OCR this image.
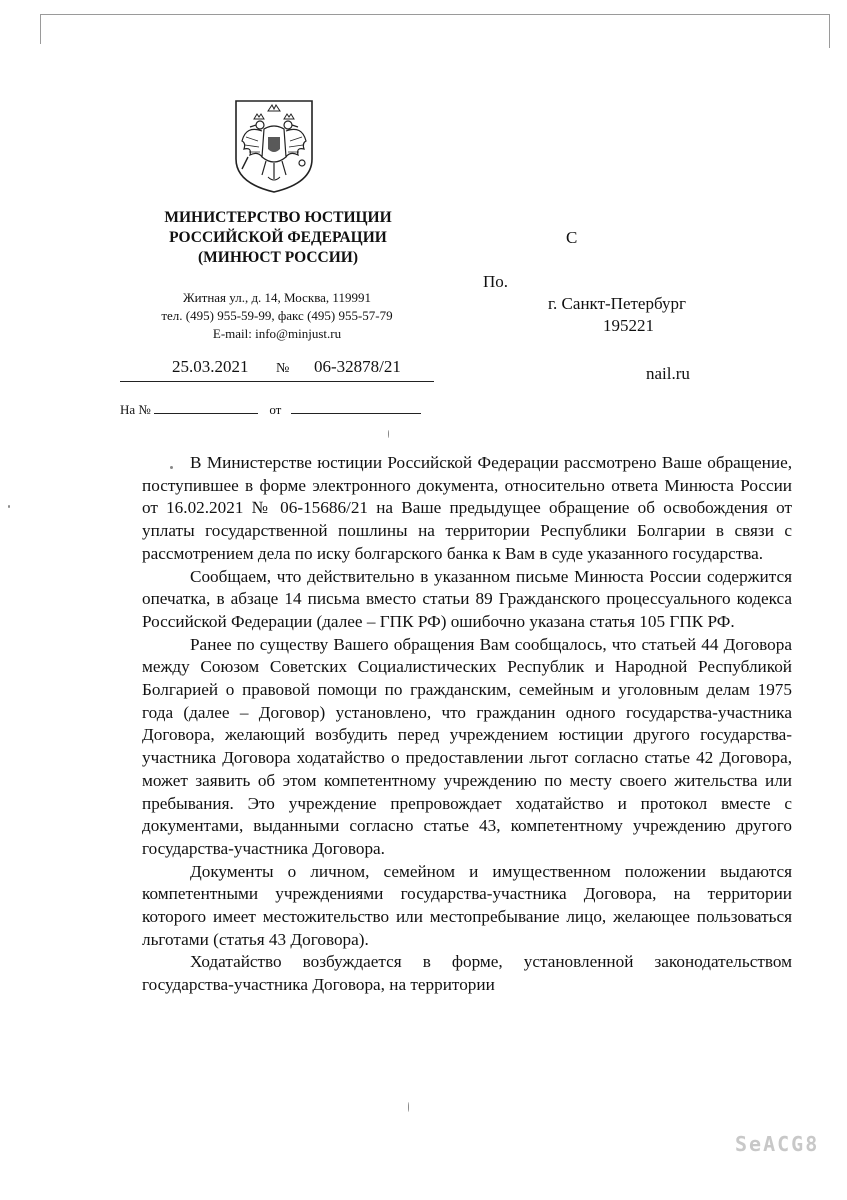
МИНИСТЕРСТВО ЮСТИЦИИ
РОССИЙСКОЙ ФЕДЕРАЦИИ
(МИНЮСТ РОССИИ)
Житная ул., д. 14, Москва, 119991
тел. (495) 955-59-99, факс (495) 955-57-79
E-mail: info@minjust.ru
25.03.2021 № 06-32878/21
На №	от
С
По.
г. Санкт-Петербург
195221
nail.ru

В Министерстве юстиции Российской Федерации рассмотрено Ваше обращение, поступившее в форме электронного документа, относительно ответа Минюста России от 16.02.2021 № 06-15686/21 на Ваше предыдущее обращение об освобождения от уплаты государственной пошлины на территории Республики Болгарии в связи с рассмотрением дела по иску болгарского банка к Вам в суде указанного государства.

Сообщаем, что действительно в указанном письме Минюста России содержится опечатка, в абзаце 14 письма вместо статьи 89 Гражданского процессуального кодекса Российской Федерации (далее – ГПК РФ) ошибочно указана статья 105 ГПК РФ.

Ранее по существу Вашего обращения Вам сообщалось, что статьей 44 Договора между Союзом Советских Социалистических Республик и Народной Республикой Болгарией о правовой помощи по гражданским, семейным и уголовным делам 1975 года (далее – Договор) установлено, что гражданин одного государства-участника Договора, желающий возбудить перед учреждением юстиции другого государства-участника Договора ходатайство о предоставлении льгот согласно статье 42 Договора, может заявить об этом компетентному учреждению по месту своего жительства или пребывания. Это учреждение препровождает ходатайство и протокол вместе с документами, выданными согласно статье 43, компетентному учреждению другого государства-участника Договора.

Документы о личном, семейном и имущественном положении выдаются компетентными учреждениями государства-участника Договора, на территории которого имеет местожительство или местопребывание лицо, желающее пользоваться льготами (статья 43 Договора).

Ходатайство возбуждается в форме, установленной законодательством государства-участника Договора, на территории

SeACG8
